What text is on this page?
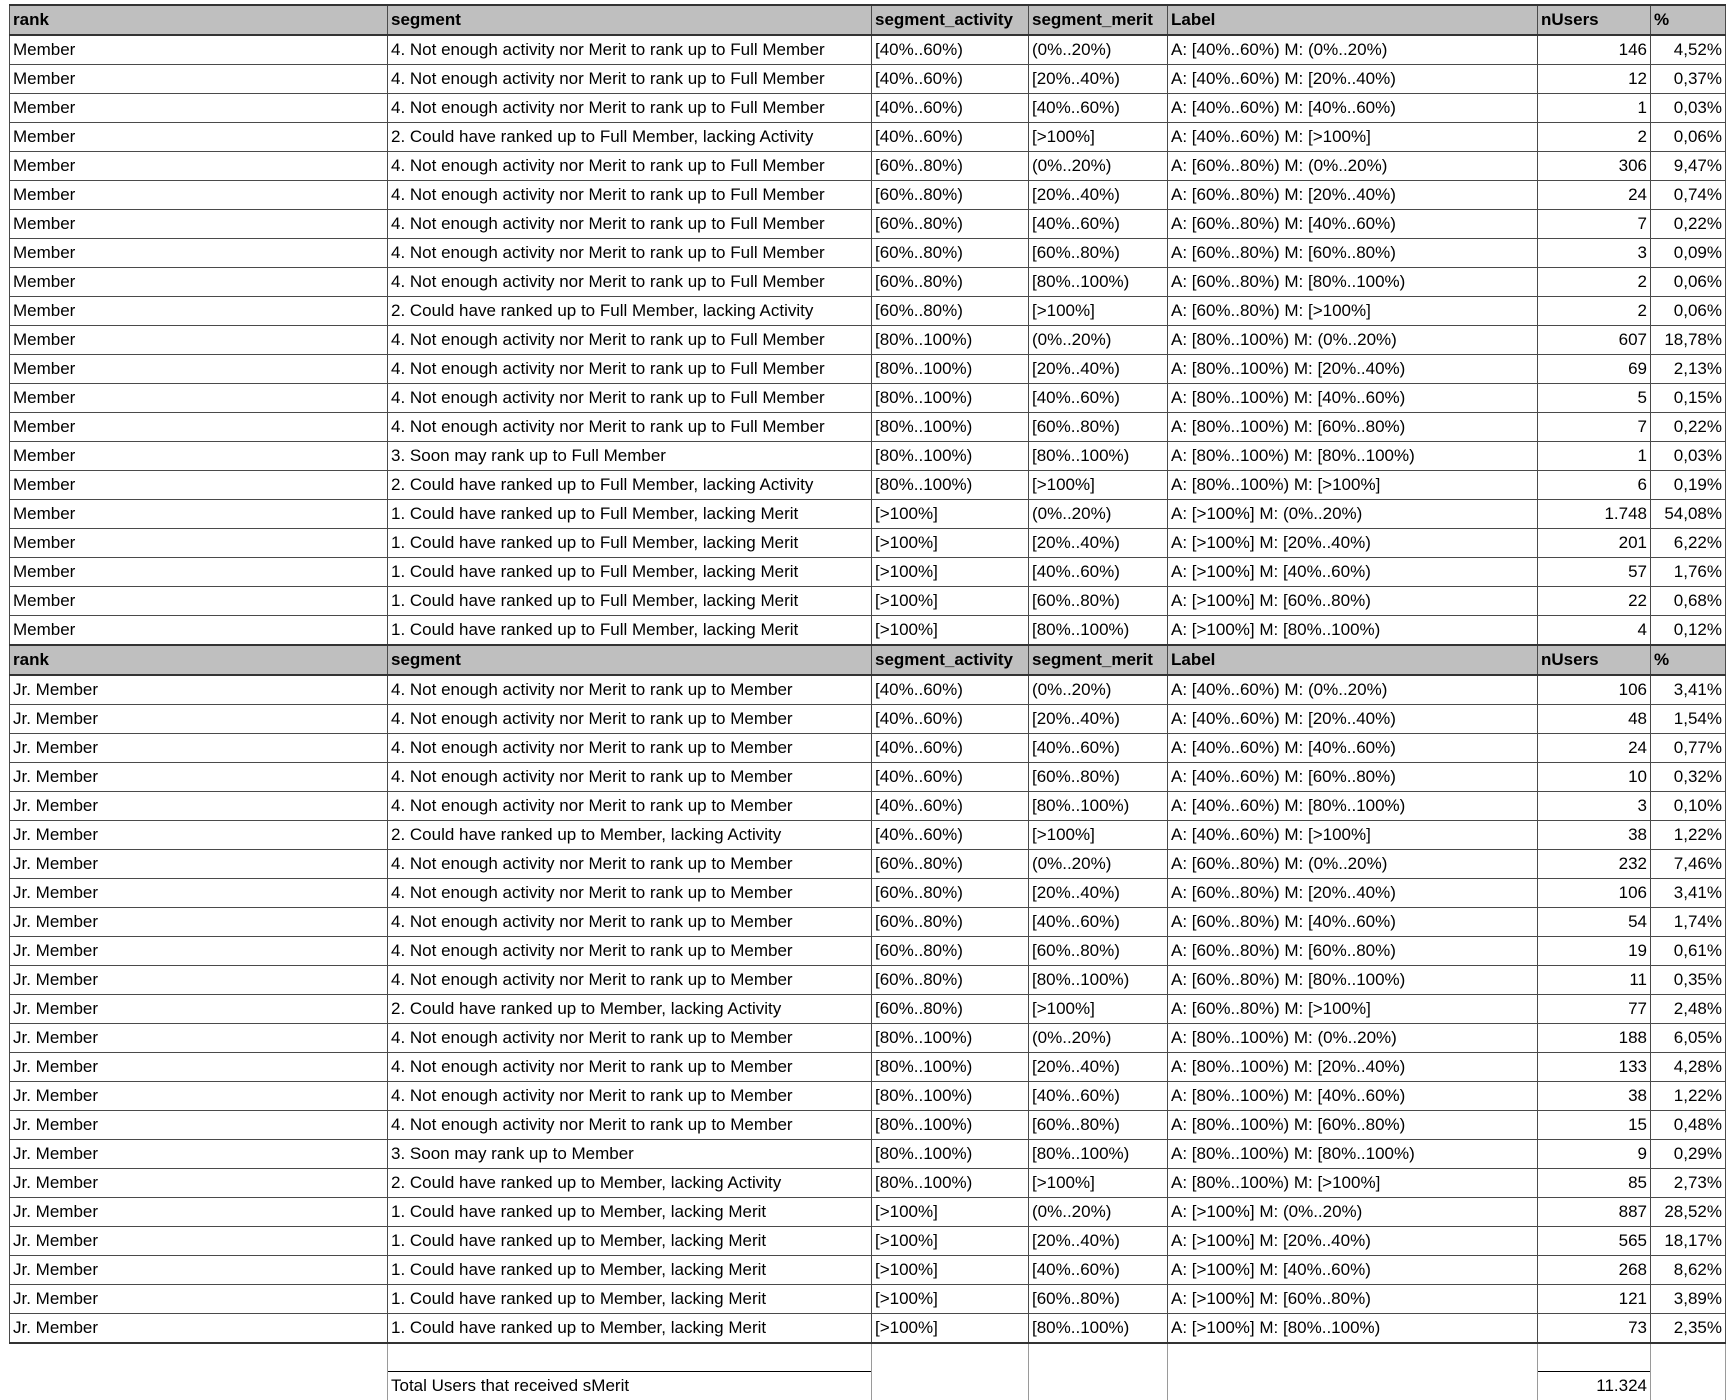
rank	segment	segment_activity	segment_merit	Label	nUsers	%
Member	4. Not enough activity nor Merit to rank up to Full Member	[40%..60%)	(0%..20%)	A: [40%..60%) M: (0%..20%)	146	4,52%
Member	4. Not enough activity nor Merit to rank up to Full Member	[40%..60%)	[20%..40%)	A: [40%..60%) M: [20%..40%)	12	0,37%
Member	4. Not enough activity nor Merit to rank up to Full Member	[40%..60%)	[40%..60%)	A: [40%..60%) M: [40%..60%)	1	0,03%
Member	2. Could have ranked up to Full Member, lacking Activity	[40%..60%)	[>100%]	A: [40%..60%) M: [>100%]	2	0,06%
Member	4. Not enough activity nor Merit to rank up to Full Member	[60%..80%)	(0%..20%)	A: [60%..80%) M: (0%..20%)	306	9,47%
Member	4. Not enough activity nor Merit to rank up to Full Member	[60%..80%)	[20%..40%)	A: [60%..80%) M: [20%..40%)	24	0,74%
Member	4. Not enough activity nor Merit to rank up to Full Member	[60%..80%)	[40%..60%)	A: [60%..80%) M: [40%..60%)	7	0,22%
Member	4. Not enough activity nor Merit to rank up to Full Member	[60%..80%)	[60%..80%)	A: [60%..80%) M: [60%..80%)	3	0,09%
Member	4. Not enough activity nor Merit to rank up to Full Member	[60%..80%)	[80%..100%)	A: [60%..80%) M: [80%..100%)	2	0,06%
Member	2. Could have ranked up to Full Member, lacking Activity	[60%..80%)	[>100%]	A: [60%..80%) M: [>100%]	2	0,06%
Member	4. Not enough activity nor Merit to rank up to Full Member	[80%..100%)	(0%..20%)	A: [80%..100%) M: (0%..20%)	607	18,78%
Member	4. Not enough activity nor Merit to rank up to Full Member	[80%..100%)	[20%..40%)	A: [80%..100%) M: [20%..40%)	69	2,13%
Member	4. Not enough activity nor Merit to rank up to Full Member	[80%..100%)	[40%..60%)	A: [80%..100%) M: [40%..60%)	5	0,15%
Member	4. Not enough activity nor Merit to rank up to Full Member	[80%..100%)	[60%..80%)	A: [80%..100%) M: [60%..80%)	7	0,22%
Member	3. Soon may rank up to Full Member	[80%..100%)	[80%..100%)	A: [80%..100%) M: [80%..100%)	1	0,03%
Member	2. Could have ranked up to Full Member, lacking Activity	[80%..100%)	[>100%]	A: [80%..100%) M: [>100%]	6	0,19%
Member	1. Could have ranked up to Full Member, lacking Merit	[>100%]	(0%..20%)	A: [>100%] M: (0%..20%)	1.748	54,08%
Member	1. Could have ranked up to Full Member, lacking Merit	[>100%]	[20%..40%)	A: [>100%] M: [20%..40%)	201	6,22%
Member	1. Could have ranked up to Full Member, lacking Merit	[>100%]	[40%..60%)	A: [>100%] M: [40%..60%)	57	1,76%
Member	1. Could have ranked up to Full Member, lacking Merit	[>100%]	[60%..80%)	A: [>100%] M: [60%..80%)	22	0,68%
Member	1. Could have ranked up to Full Member, lacking Merit	[>100%]	[80%..100%)	A: [>100%] M: [80%..100%)	4	0,12%
rank	segment	segment_activity	segment_merit	Label	nUsers	%
Jr. Member	4. Not enough activity nor Merit to rank up to Member	[40%..60%)	(0%..20%)	A: [40%..60%) M: (0%..20%)	106	3,41%
Jr. Member	4. Not enough activity nor Merit to rank up to Member	[40%..60%)	[20%..40%)	A: [40%..60%) M: [20%..40%)	48	1,54%
Jr. Member	4. Not enough activity nor Merit to rank up to Member	[40%..60%)	[40%..60%)	A: [40%..60%) M: [40%..60%)	24	0,77%
Jr. Member	4. Not enough activity nor Merit to rank up to Member	[40%..60%)	[60%..80%)	A: [40%..60%) M: [60%..80%)	10	0,32%
Jr. Member	4. Not enough activity nor Merit to rank up to Member	[40%..60%)	[80%..100%)	A: [40%..60%) M: [80%..100%)	3	0,10%
Jr. Member	2. Could have ranked up to Member, lacking Activity	[40%..60%)	[>100%]	A: [40%..60%) M: [>100%]	38	1,22%
Jr. Member	4. Not enough activity nor Merit to rank up to Member	[60%..80%)	(0%..20%)	A: [60%..80%) M: (0%..20%)	232	7,46%
Jr. Member	4. Not enough activity nor Merit to rank up to Member	[60%..80%)	[20%..40%)	A: [60%..80%) M: [20%..40%)	106	3,41%
Jr. Member	4. Not enough activity nor Merit to rank up to Member	[60%..80%)	[40%..60%)	A: [60%..80%) M: [40%..60%)	54	1,74%
Jr. Member	4. Not enough activity nor Merit to rank up to Member	[60%..80%)	[60%..80%)	A: [60%..80%) M: [60%..80%)	19	0,61%
Jr. Member	4. Not enough activity nor Merit to rank up to Member	[60%..80%)	[80%..100%)	A: [60%..80%) M: [80%..100%)	11	0,35%
Jr. Member	2. Could have ranked up to Member, lacking Activity	[60%..80%)	[>100%]	A: [60%..80%) M: [>100%]	77	2,48%
Jr. Member	4. Not enough activity nor Merit to rank up to Member	[80%..100%)	(0%..20%)	A: [80%..100%) M: (0%..20%)	188	6,05%
Jr. Member	4. Not enough activity nor Merit to rank up to Member	[80%..100%)	[20%..40%)	A: [80%..100%) M: [20%..40%)	133	4,28%
Jr. Member	4. Not enough activity nor Merit to rank up to Member	[80%..100%)	[40%..60%)	A: [80%..100%) M: [40%..60%)	38	1,22%
Jr. Member	4. Not enough activity nor Merit to rank up to Member	[80%..100%)	[60%..80%)	A: [80%..100%) M: [60%..80%)	15	0,48%
Jr. Member	3. Soon may rank up to Member	[80%..100%)	[80%..100%)	A: [80%..100%) M: [80%..100%)	9	0,29%
Jr. Member	2. Could have ranked up to Member, lacking Activity	[80%..100%)	[>100%]	A: [80%..100%) M: [>100%]	85	2,73%
Jr. Member	1. Could have ranked up to Member, lacking Merit	[>100%]	(0%..20%)	A: [>100%] M: (0%..20%)	887	28,52%
Jr. Member	1. Could have ranked up to Member, lacking Merit	[>100%]	[20%..40%)	A: [>100%] M: [20%..40%)	565	18,17%
Jr. Member	1. Could have ranked up to Member, lacking Merit	[>100%]	[40%..60%)	A: [>100%] M: [40%..60%)	268	8,62%
Jr. Member	1. Could have ranked up to Member, lacking Merit	[>100%]	[60%..80%)	A: [>100%] M: [60%..80%)	121	3,89%
Jr. Member	1. Could have ranked up to Member, lacking Merit	[>100%]	[80%..100%)	A: [>100%] M: [80%..100%)	73	2,35%

	Total Users that received sMerit				11.324	
